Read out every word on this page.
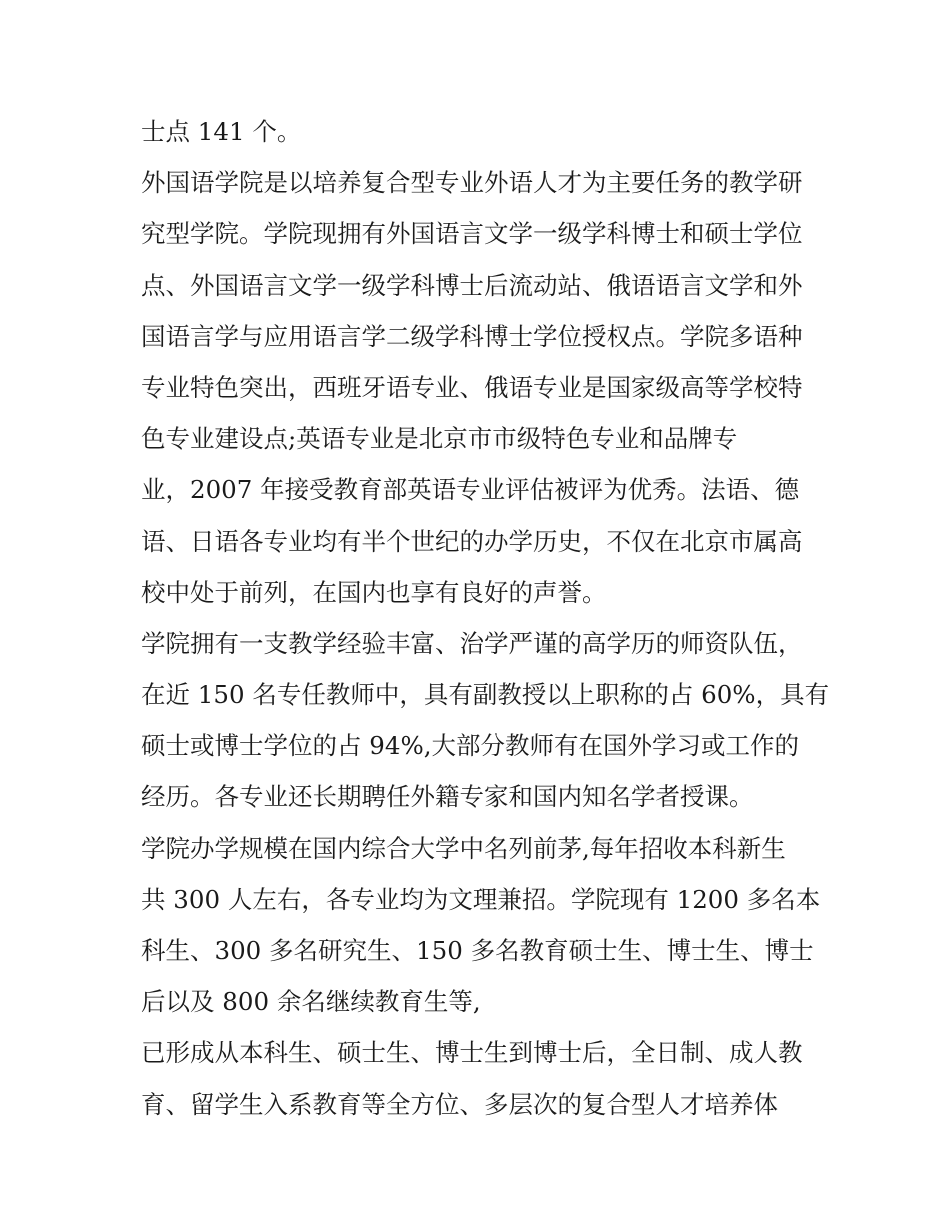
士点 141 个。
外国语学院是以培养复合型专业外语人才为主要任务的教学研
究型学院。学院现拥有外国语言文学一级学科博士和硕士学位
点、外国语言文学一级学科博士后流动站、俄语语言文学和外
国语言学与应用语言学二级学科博士学位授权点。学院多语种
专业特色突出，西班牙语专业、俄语专业是国家级高等学校特
色专业建设点;英语专业是北京市市级特色专业和品牌专
业，2007 年接受教育部英语专业评估被评为优秀。法语、德
语、日语各专业均有半个世纪的办学历史，不仅在北京市属高
校中处于前列，在国内也享有良好的声誉。
学院拥有一支教学经验丰富、治学严谨的高学历的师资队伍，
在近 150 名专任教师中，具有副教授以上职称的占 60%，具有
硕士或博士学位的占 94%,大部分教师有在国外学习或工作的
经历。各专业还长期聘任外籍专家和国内知名学者授课。
学院办学规模在国内综合大学中名列前茅,每年招收本科新生
共 300 人左右，各专业均为文理兼招。学院现有 1200 多名本
科生、300 多名研究生、150 多名教育硕士生、博士生、博士
后以及 800 余名继续教育生等,
已形成从本科生、硕士生、博士生到博士后，全日制、成人教
育、留学生入系教育等全方位、多层次的复合型人才培养体
